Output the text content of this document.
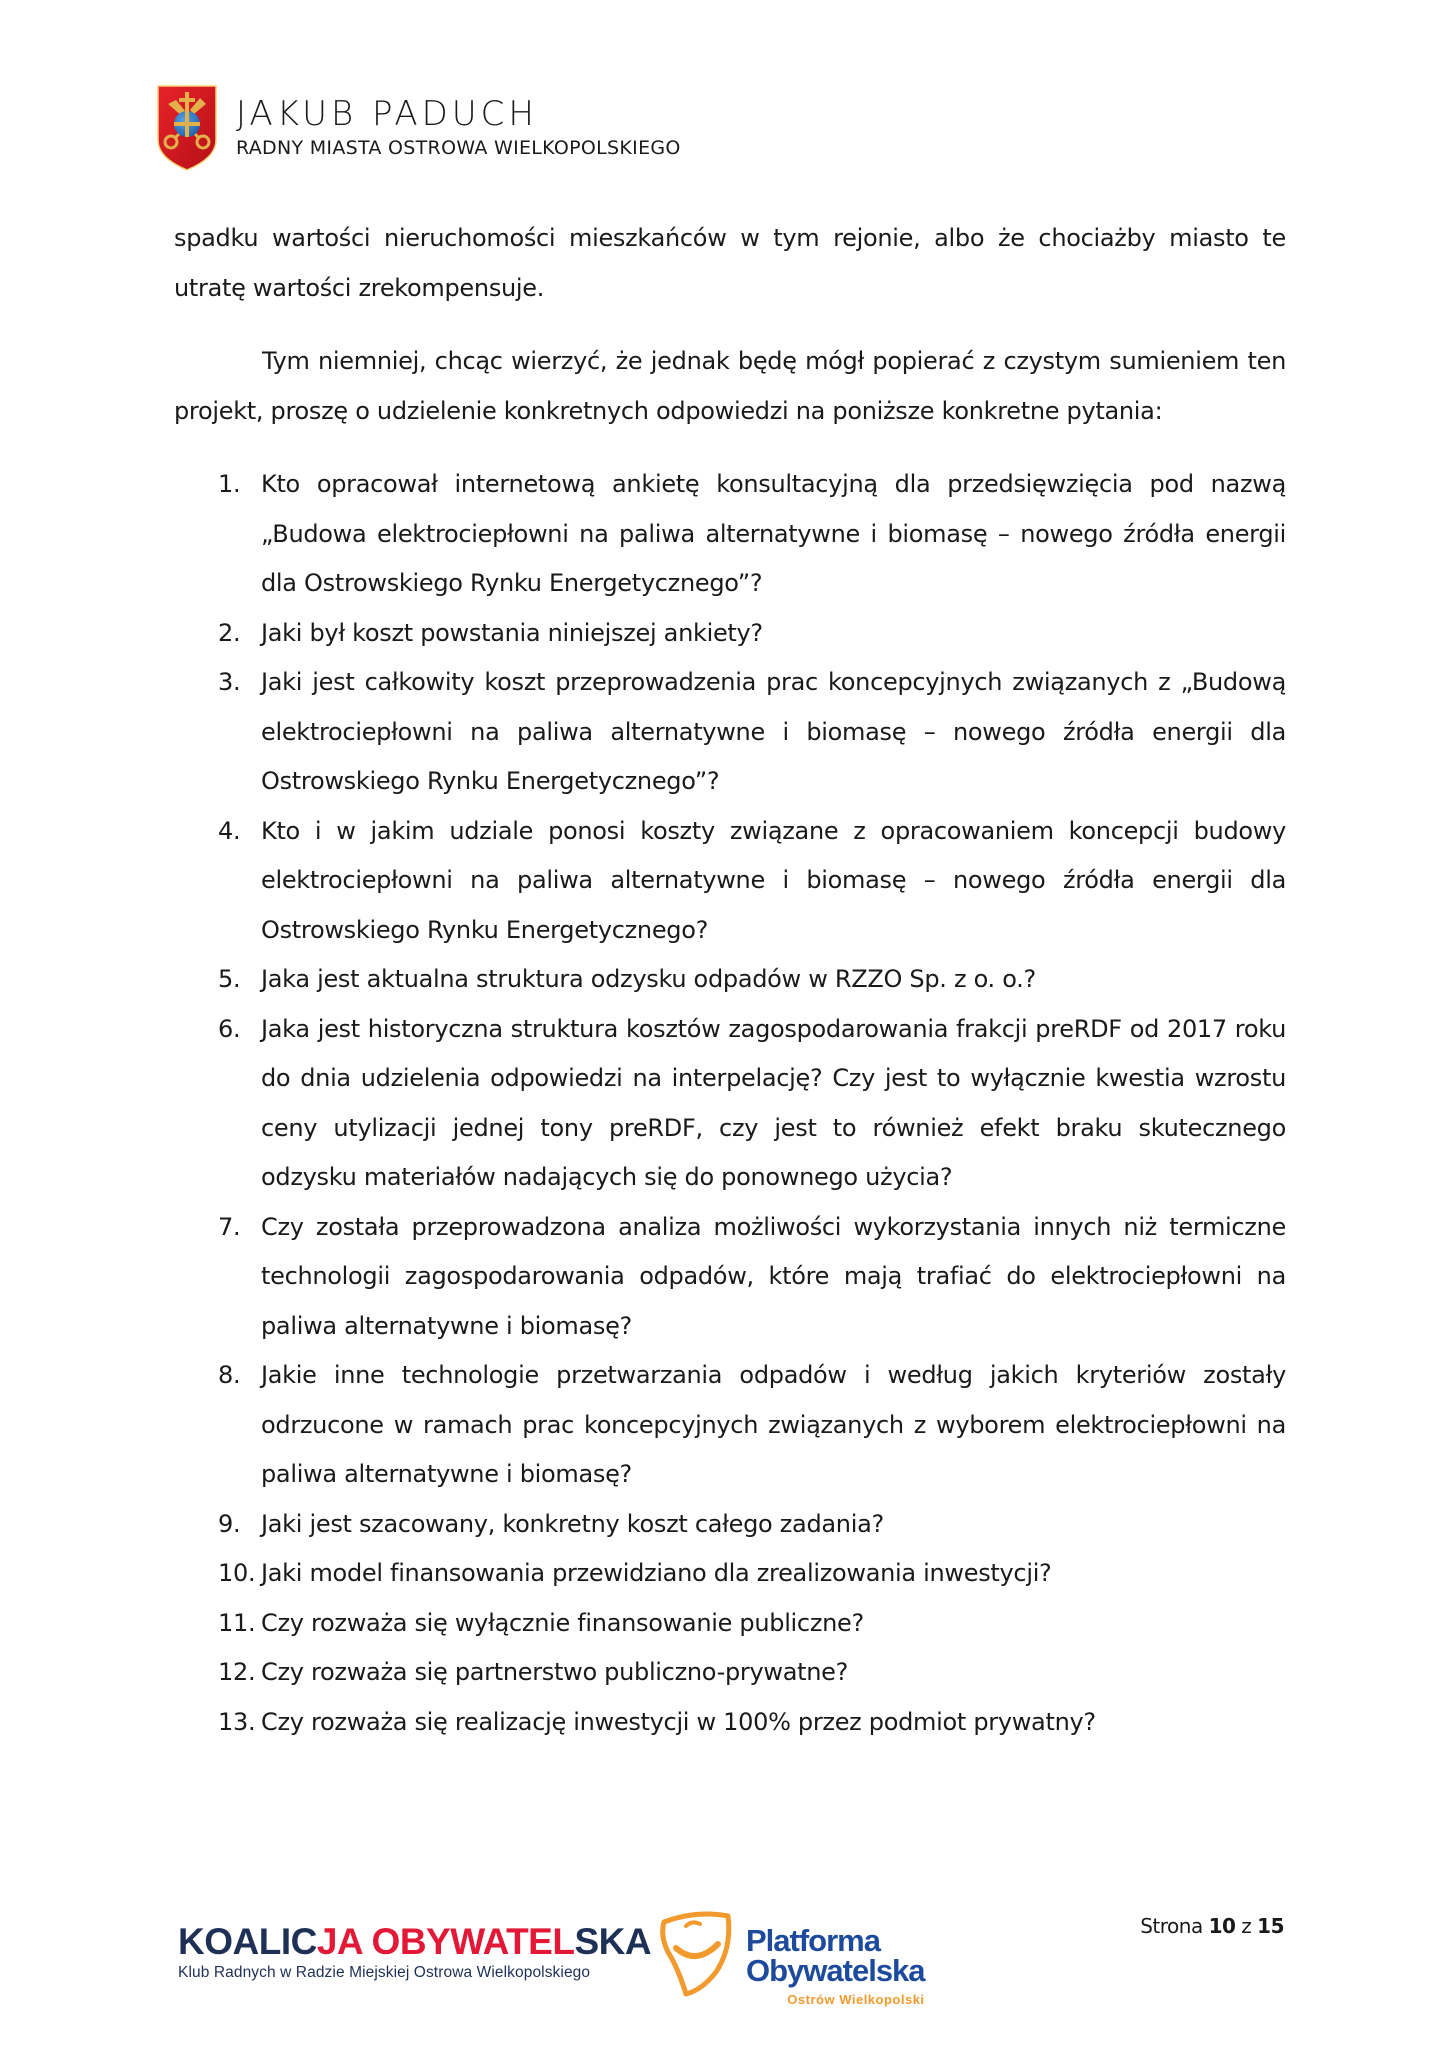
JAKUB PADUCH
RADNY MIASTA OSTROWA WIELKOPOLSKIEGO

spadku wartości nieruchomości mieszkańców w tym rejonie, albo że chociażby miasto te utratę wartości zrekompensuje.

Tym niemniej, chcąc wierzyć, że jednak będę mógł popierać z czystym sumieniem ten projekt, proszę o udzielenie konkretnych odpowiedzi na poniższe konkretne pytania:

1. Kto opracował internetową ankietę konsultacyjną dla przedsięwzięcia pod nazwą „Budowa elektrociepłowni na paliwa alternatywne i biomasę – nowego źródła energii dla Ostrowskiego Rynku Energetycznego”?
2. Jaki był koszt powstania niniejszej ankiety?
3. Jaki jest całkowity koszt przeprowadzenia prac koncepcyjnych związanych z „Budową elektrociepłowni na paliwa alternatywne i biomasę – nowego źródła energii dla Ostrowskiego Rynku Energetycznego”?
4. Kto i w jakim udziale ponosi koszty związane z opracowaniem koncepcji budowy elektrociepłowni na paliwa alternatywne i biomasę – nowego źródła energii dla Ostrowskiego Rynku Energetycznego?
5. Jaka jest aktualna struktura odzysku odpadów w RZZO Sp. z o. o.?
6. Jaka jest historyczna struktura kosztów zagospodarowania frakcji preRDF od 2017 roku do dnia udzielenia odpowiedzi na interpelację? Czy jest to wyłącznie kwestia wzrostu ceny utylizacji jednej tony preRDF, czy jest to również efekt braku skutecznego odzysku materiałów nadających się do ponownego użycia?
7. Czy została przeprowadzona analiza możliwości wykorzystania innych niż termiczne technologii zagospodarowania odpadów, które mają trafiać do elektrociepłowni na paliwa alternatywne i biomasę?
8. Jakie inne technologie przetwarzania odpadów i według jakich kryteriów zostały odrzucone w ramach prac koncepcyjnych związanych z wyborem elektrociepłowni na paliwa alternatywne i biomasę?
9. Jaki jest szacowany, konkretny koszt całego zadania?
10. Jaki model finansowania przewidziano dla zrealizowania inwestycji?
11. Czy rozważa się wyłącznie finansowanie publiczne?
12. Czy rozważa się partnerstwo publiczno-prywatne?
13. Czy rozważa się realizację inwestycji w 100% przez podmiot prywatny?
KOALICJA OBYWATELSKA
Klub Radnych w Radzie Miejskiej Ostrowa Wielkopolskiego
Platforma
Obywatelska
Ostrów Wielkopolski
Strona 10 z 15
